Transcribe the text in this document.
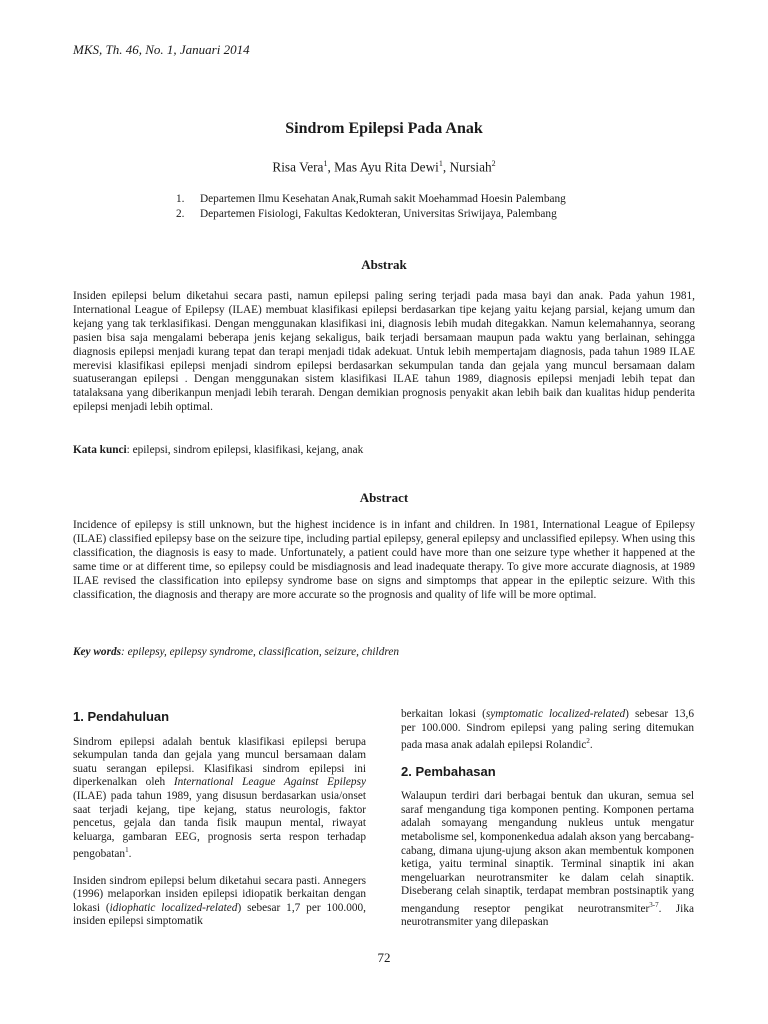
MKS, Th. 46, No. 1, Januari 2014
Sindrom Epilepsi Pada Anak
Risa Vera$^1$, Mas Ayu Rita Dewi$^1$, Nursiah$^2$
1. Departemen Ilmu Kesehatan Anak,Rumah sakit Moehammad Hoesin Palembang
2. Departemen Fisiologi, Fakultas Kedokteran, Universitas Sriwijaya, Palembang
Abstrak

Insiden epilepsi belum diketahui secara pasti, namun epilepsi paling sering terjadi pada masa bayi dan anak. Pada yahun 1981, International League of Epilepsy (ILAE) membuat klasifikasi epilepsi berdasarkan tipe kejang yaitu kejang parsial, kejang umum dan kejang yang tak terklasifikasi. Dengan menggunakan klasifikasi ini, diagnosis lebih mudah ditegakkan. Namun kelemahannya, seorang pasien bisa saja mengalami beberapa jenis kejang sekaligus, baik terjadi bersamaan maupun pada waktu yang berlainan, sehingga diagnosis epilepsi menjadi kurang tepat dan terapi menjadi tidak adekuat. Untuk lebih mempertajam diagnosis, pada tahun 1989 ILAE merevisi klasifikasi epilepsi menjadi sindrom epilepsi berdasarkan sekumpulan tanda dan gejala yang muncul bersamaan dalam suatuserangan epilepsi . Dengan menggunakan sistem klasifikasi ILAE tahun 1989, diagnosis epilepsi menjadi lebih tepat dan tatalaksana yang diberikanpun menjadi lebih terarah. Dengan demikian prognosis penyakit akan lebih baik dan kualitas hidup penderita epilepsi menjadi lebih optimal.

Kata kunci: epilepsi, sindrom epilepsi, klasifikasi, kejang, anak

Abstract

Incidence of epilepsy is still unknown, but the highest incidence is in infant and children. In 1981, International League of Epilepsy (ILAE) classified epilepsy base on the seizure tipe, including partial epilepsy, general epilepsy and unclassified epilepsy. When using this classification, the diagnosis is easy to made. Unfortunately, a patient could have more than one seizure type whether it happened at the same time or at different time, so epilepsy could be misdiagnosis and lead inadequate therapy. To give more accurate diagnosis, at 1989 ILAE revised the classification into epilepsy syndrome base on signs and simptomps that appear in the epileptic seizure. With this classification, the diagnosis and therapy are more accurate so the prognosis and quality of life will be more optimal.

Key words: epilepsy, epilepsy syndrome, classification, seizure, children

1. Pendahuluan

Sindrom epilepsi adalah bentuk klasifikasi epilepsi berupa sekumpulan tanda dan gejala yang muncul bersamaan dalam suatu serangan epilepsi. Klasifikasi sindrom epilepsi ini diperkenalkan oleh International League Against Epilepsy (ILAE) pada tahun 1989, yang disusun berdasarkan usia/onset saat terjadi kejang, tipe kejang, status neurologis, faktor pencetus, gejala dan tanda fisik maupun mental, riwayat keluarga, gambaran EEG, prognosis serta respon terhadap pengobatan$^1$.

Insiden sindrom epilepsi belum diketahui secara pasti. Annegers (1996) melaporkan insiden epilepsi idiopatik berkaitan dengan lokasi (idiophatic localized-related) sebesar 1,7 per 100.000, insiden epilepsi simptomatik

berkaitan lokasi (symptomatic localized-related) sebesar 13,6 per 100.000. Sindrom epilepsi yang paling sering ditemukan pada masa anak adalah epilepsi Rolandic$^2$.

2. Pembahasan

Walaupun terdiri dari berbagai bentuk dan ukuran, semua sel saraf mengandung tiga komponen penting. Komponen pertama adalah somayang mengandung nukleus untuk mengatur metabolisme sel, komponenkedua adalah akson yang bercabang-cabang, dimana ujung-ujung akson akan membentuk komponen ketiga, yaitu terminal sinaptik. Terminal sinaptik ini akan mengeluarkan neurotransmiter ke dalam celah sinaptik. Diseberang celah sinaptik, terdapat membran postsinaptik yang mengandung reseptor pengikat neurotransmiter$^{3-7}$. Jika neurotransmiter yang dilepaskan

72
